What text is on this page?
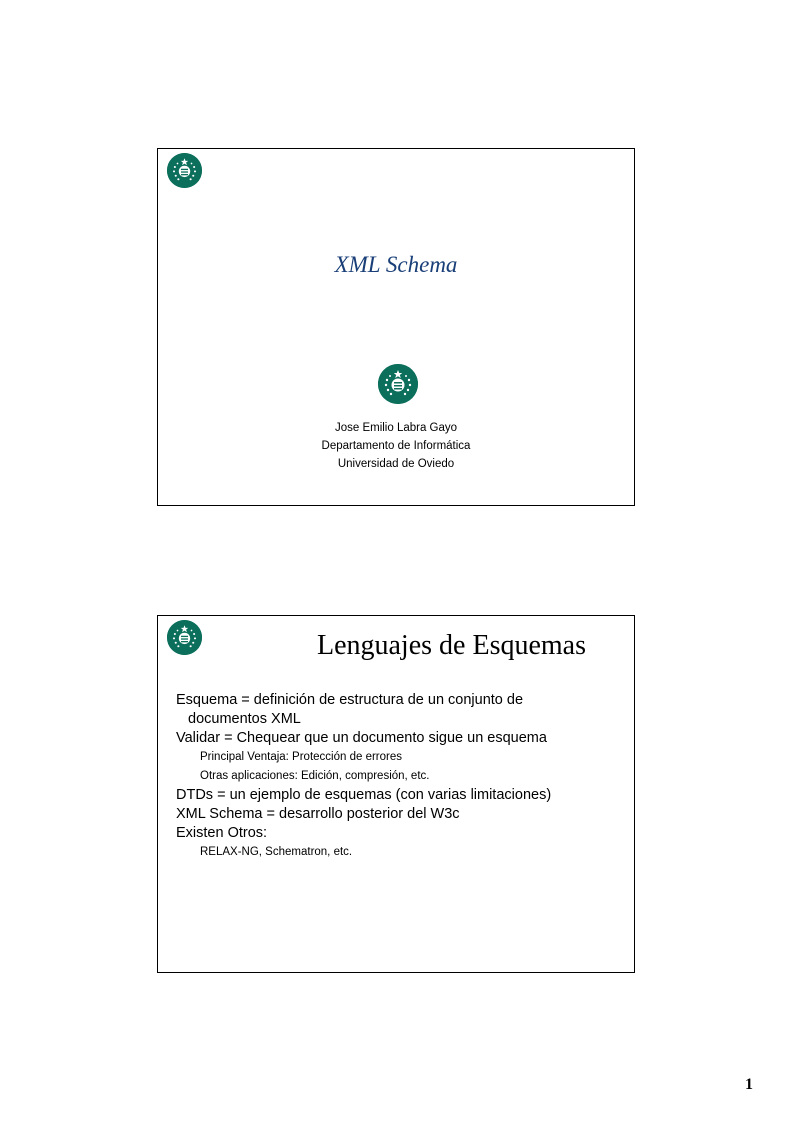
XML Schema
Jose Emilio Labra Gayo
Departamento de Informática
Universidad de Oviedo
Lenguajes de Esquemas

Esquema = definición de estructura de un conjunto de

documentos XML

Validar = Chequear que un documento sigue un esquema

Principal Ventaja: Protección de errores

Otras aplicaciones: Edición, compresión, etc.

DTDs = un ejemplo de esquemas (con varias limitaciones)

XML Schema = desarrollo posterior del W3c

Existen Otros:

RELAX-NG, Schematron, etc.

1
